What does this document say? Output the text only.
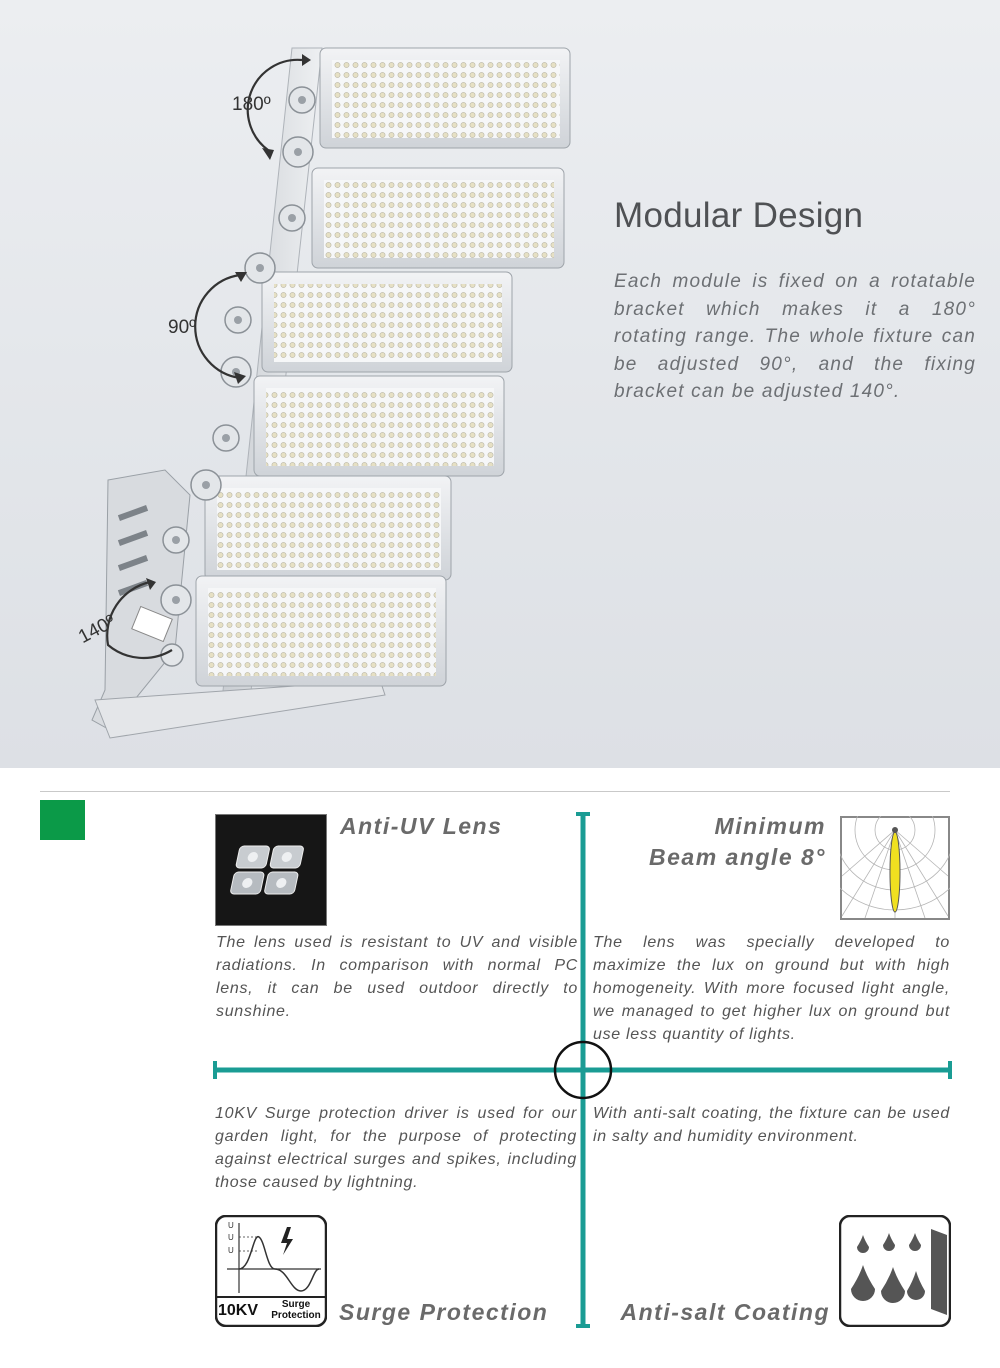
180º
90º
140º
Modular Design

Each module is fixed on a rotatable bracket which makes it a 180° rotating range. The whole fixture can be adjusted 90°, and the fixing bracket can be adjusted 140°.

Anti-UV Lens

The lens used is resistant to UV and visible radiations. In comparison with normal PC lens, it can be used outdoor directly to sunshine.

Minimum
Beam angle 8°

The lens was specially developed to maximize the lux on ground but with high homogeneity. With more focused light angle, we managed to get higher lux on ground but use less quantity of lights.

10KV Surge protection driver is used for our garden light, for the purpose of protecting against electrical surges and spikes, including those caused by lightning.

U
U
U
10KV	Surge
Protection Surge Protection

With anti-salt coating, the fixture can be used in salty and humidity environment.

Anti-salt Coating
